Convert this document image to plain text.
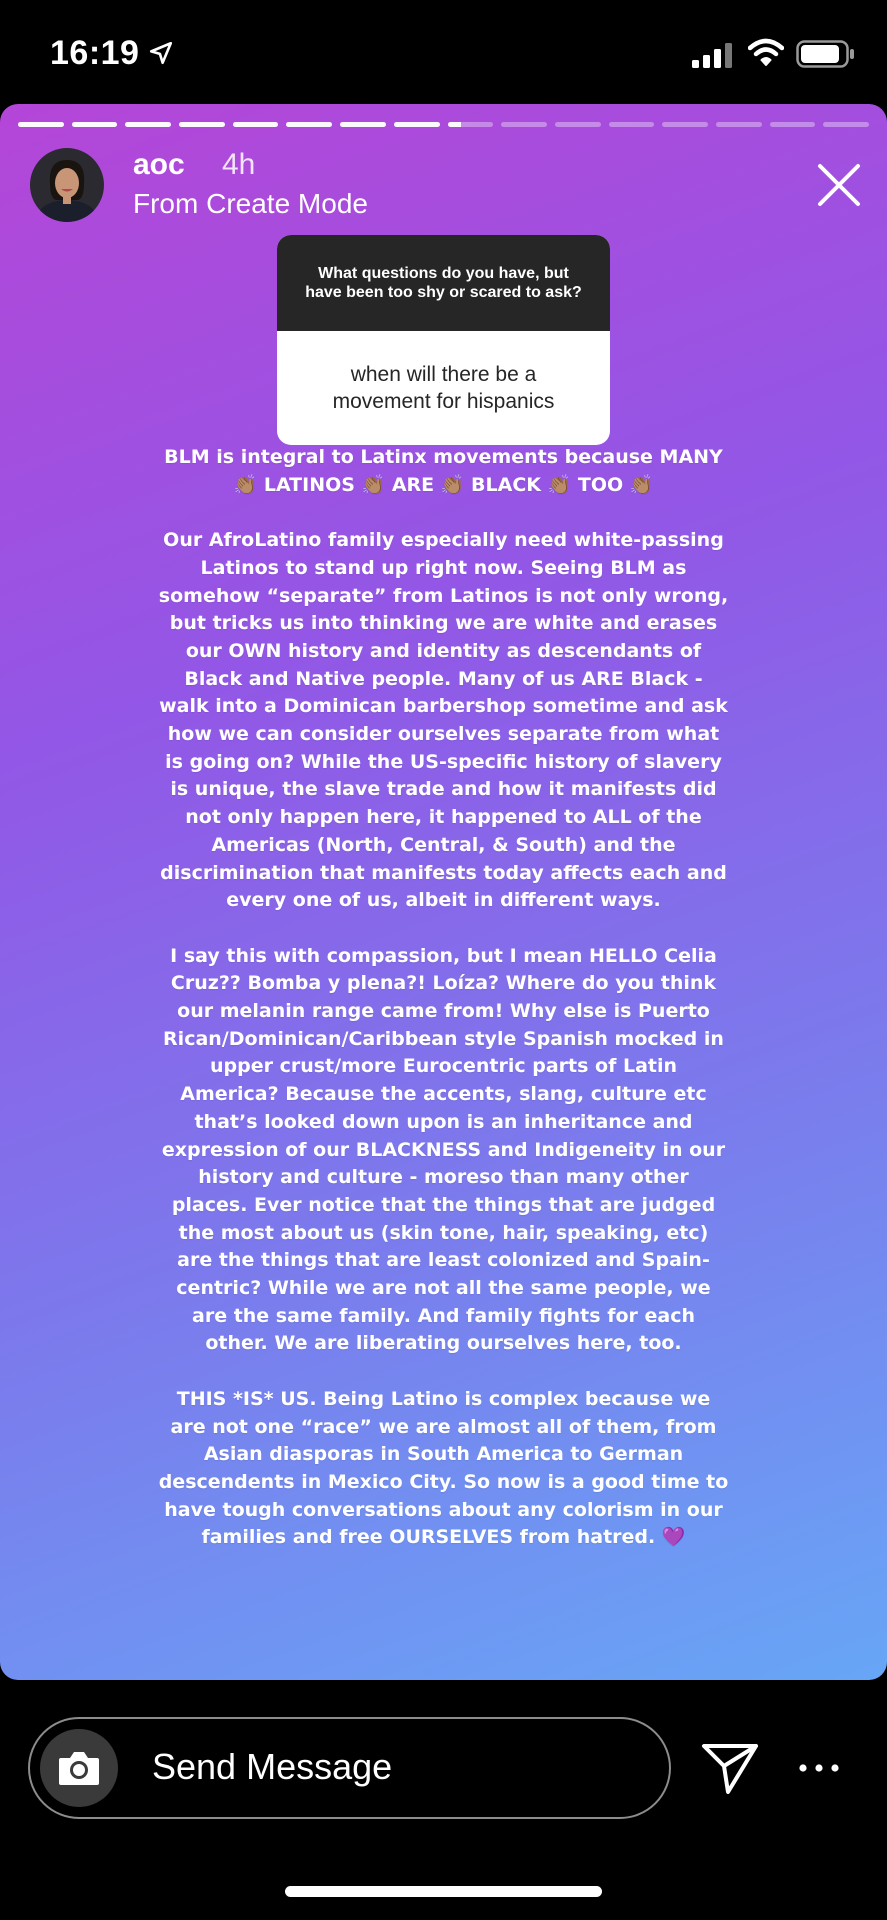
16:19
aoc 4h
From Create Mode
What questions do you have, but have been too shy or scared to ask?
when will there be a movement for hispanics

BLM is integral to Latinx movements because MANY 👏🏽 LATINOS 👏🏽 ARE 👏🏽 BLACK 👏🏽 TOO 👏🏽

Our AfroLatino family especially need white-passing Latinos to stand up right now. Seeing BLM as somehow “separate” from Latinos is not only wrong, but tricks us into thinking we are white and erases our OWN history and identity as descendants of Black and Native people. Many of us ARE Black - walk into a Dominican barbershop sometime and ask how we can consider ourselves separate from what is going on? While the US-specific history of slavery is unique, the slave trade and how it manifests did not only happen here, it happened to ALL of the Americas (North, Central, & South) and the discrimination that manifests today affects each and every one of us, albeit in different ways.

I say this with compassion, but I mean HELLO Celia Cruz?? Bomba y plena?! Loíza? Where do you think our melanin range came from! Why else is Puerto Rican/Dominican/Caribbean style Spanish mocked in upper crust/more Eurocentric parts of Latin America? Because the accents, slang, culture etc that’s looked down upon is an inheritance and expression of our BLACKNESS and Indigeneity in our history and culture - moreso than many other places. Ever notice that the things that are judged the most about us (skin tone, hair, speaking, etc) are the things that are least colonized and Spain-centric? While we are not all the same people, we are the same family. And family fights for each other. We are liberating ourselves here, too.

THIS *IS* US. Being Latino is complex because we are not one “race” we are almost all of them, from Asian diasporas in South America to German descendents in Mexico City. So now is a good time to have tough conversations about any colorism in our families and free OURSELVES from hatred. 💜

Send Message
